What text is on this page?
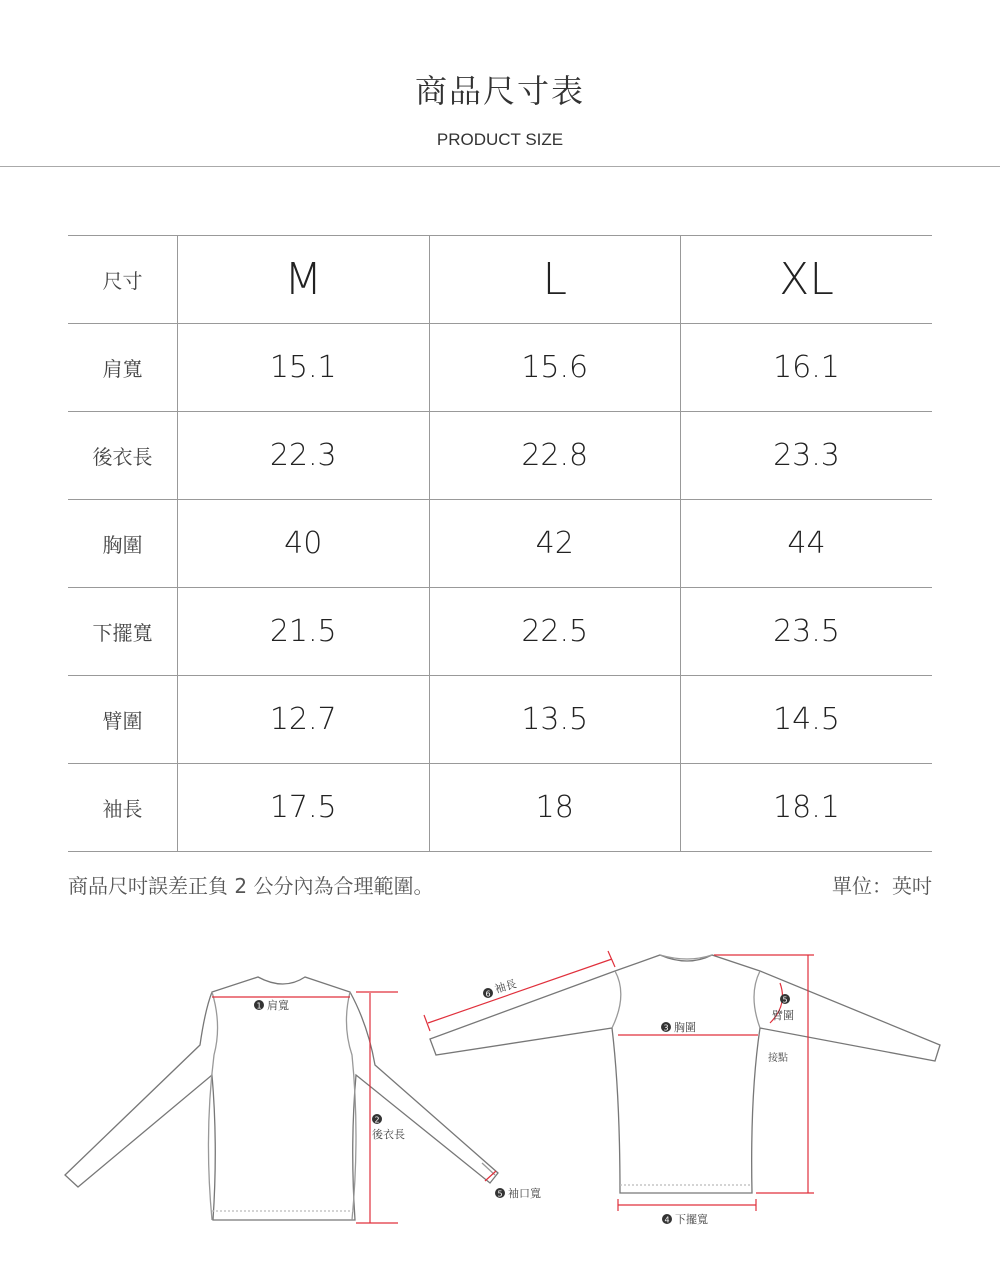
商品尺寸表
PRODUCT SIZE
尺寸	M	L	XL
肩寬	15.1	15.6	16.1
後衣長	22.3	22.8	23.3
胸圍	40	42	44
下擺寬	21.5	22.5	23.5
臂圍	12.7	13.5	14.5
袖長	17.5	18	18.1
商品尺吋誤差正負 2 公分內為合理範圍。	單位：英吋
1 肩寬
2
後衣長
5 袖口寬
6 袖長
3 胸圍
5
臂圍
接點
4 下擺寬
